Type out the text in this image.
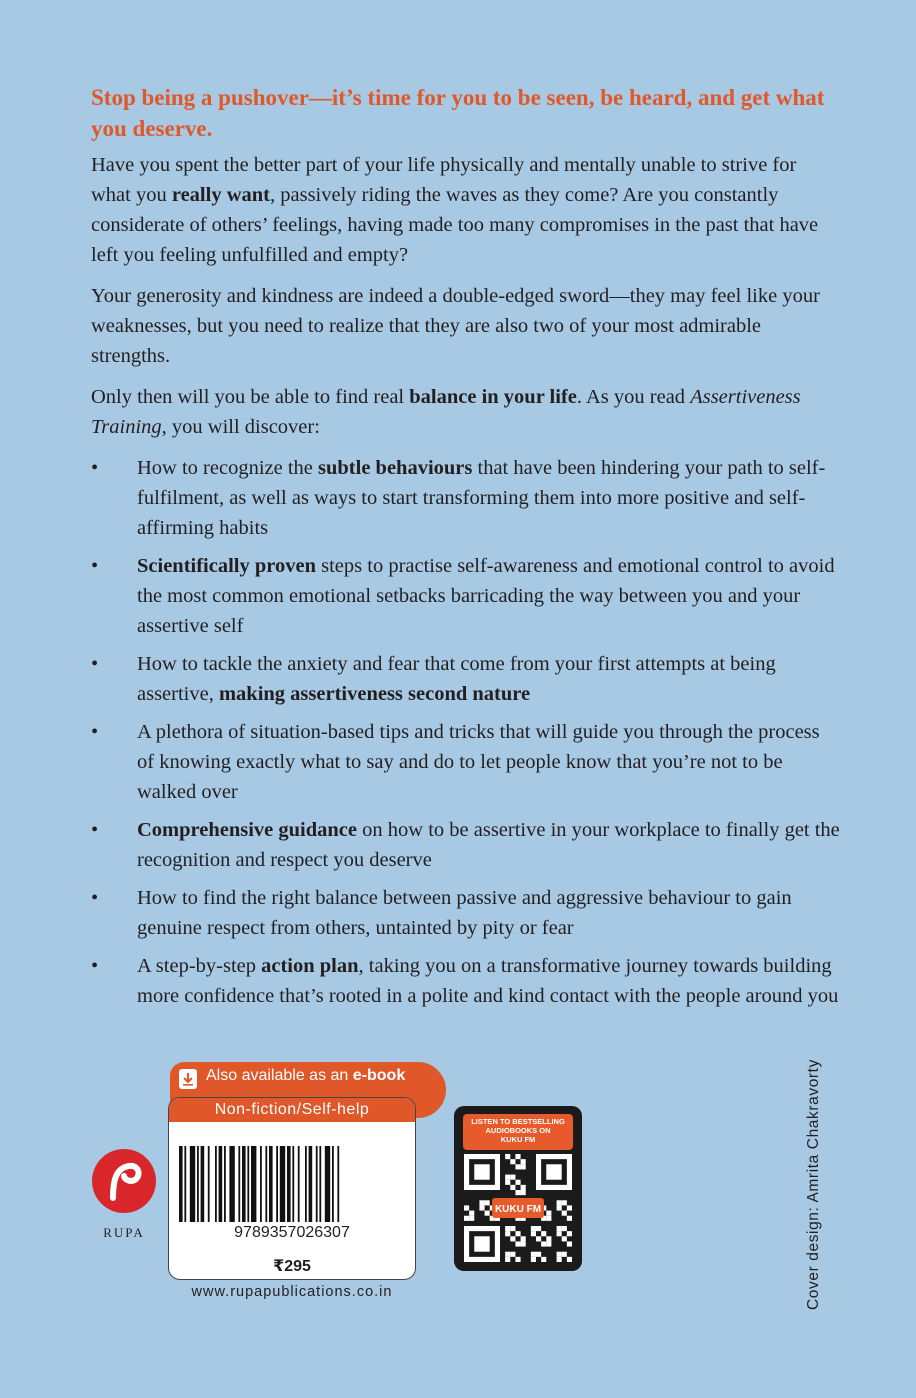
Stop being a pushover—it’s time for you to be seen, be heard, and get what you deserve.

Have you spent the better part of your life physically and mentally unable to strive for what you really want, passively riding the waves as they come? Are you constantly considerate of others’ feelings, having made too many compromises in the past that have left you feeling unfulfilled and empty?

Your generosity and kindness are indeed a double-edged sword—they may feel like your weaknesses, but you need to realize that they are also two of your most admirable strengths.

Only then will you be able to find real balance in your life. As you read Assertiveness Training, you will discover:

• How to recognize the subtle behaviours that have been hindering your path to self-fulfilment, as well as ways to start transforming them into more positive and self-affirming habits
• Scientifically proven steps to practise self-awareness and emotional control to avoid the most common emotional setbacks barricading the way between you and your assertive self
• How to tackle the anxiety and fear that come from your first attempts at being assertive, making assertiveness second nature
• A plethora of situation-based tips and tricks that will guide you through the process of knowing exactly what to say and do to let people know that you’re not to be walked over
• Comprehensive guidance on how to be assertive in your workplace to finally get the recognition and respect you deserve
• How to find the right balance between passive and aggressive behaviour to gain genuine respect from others, untainted by pity or fear
• A step-by-step action plan, taking you on a transformative journey towards building more confidence that’s rooted in a polite and kind contact with the people around you
Also available as an e-book
Non-fiction/Self-help
9789357026307
₹295
www.rupapublications.co.in
RUPA
LISTEN TO BESTSELLING
AUDIOBOOKS ON
KUKU FM
KUKU FM	Cover design: Amrita Chakravorty
